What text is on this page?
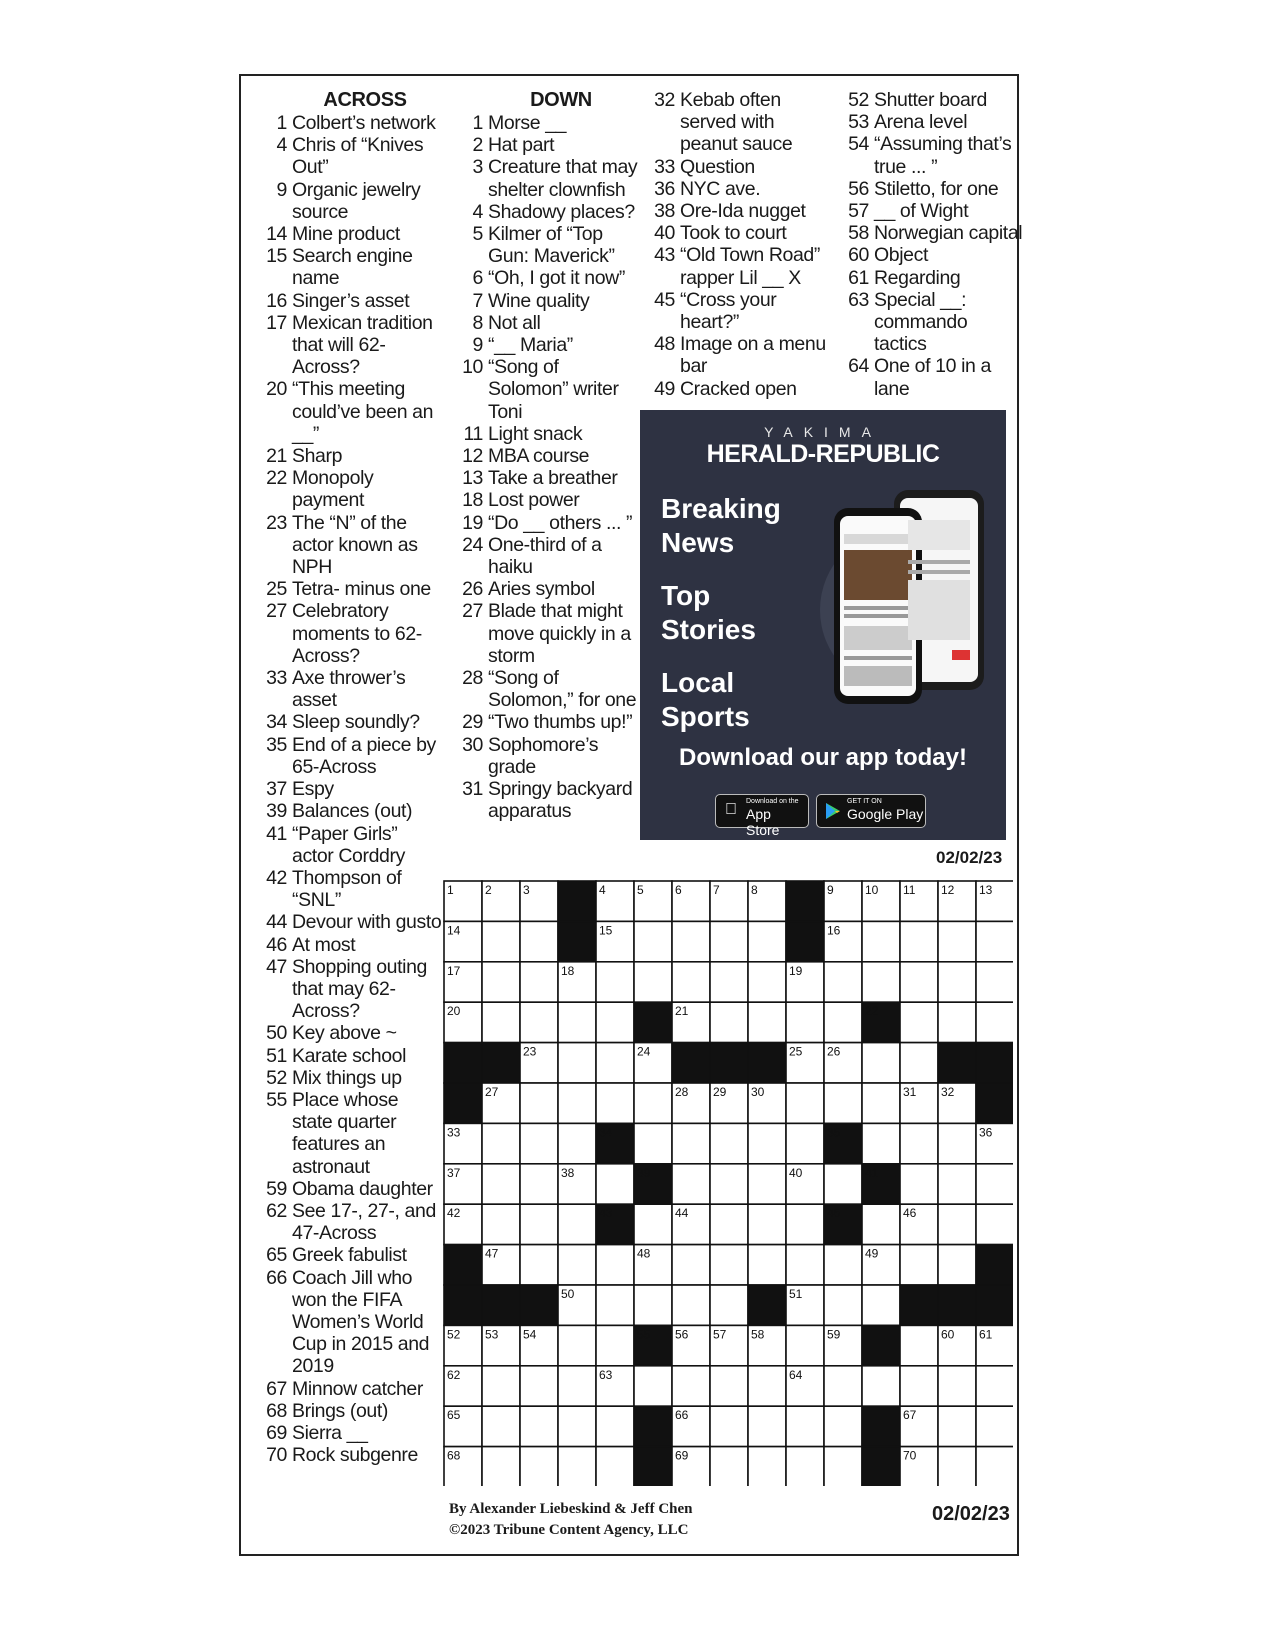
ACROSS
1 Colbert’s network
4 Chris of “Knives Out”
9 Organic jewelry source
14 Mine product
15 Search engine name
16 Singer’s asset
17 Mexican tradition that will 62-Across?
20 “This meeting could’ve been an __”
21 Sharp
22 Monopoly payment
23 The “N” of the actor known as NPH
25 Tetra- minus one
27 Celebratory moments to 62-Across?
33 Axe thrower’s asset
34 Sleep soundly?
35 End of a piece by 65-Across
37 Espy
39 Balances (out)
41 “Paper Girls” actor Corddry
42 Thompson of “SNL”
44 Devour with gusto
46 At most
47 Shopping outing that may 62-Across?
50 Key above ~
51 Karate school
52 Mix things up
55 Place whose state quarter features an astronaut
59 Obama daughter
62 See 17-, 27-, and 47-Across
65 Greek fabulist
66 Coach Jill who won the FIFA Women’s World Cup in 2015 and 2019
67 Minnow catcher
68 Brings (out)
69 Sierra __
70 Rock subgenre
DOWN
1 Morse __
2 Hat part
3 Creature that may shelter clownfish
4 Shadowy places?
5 Kilmer of “Top Gun: Maverick”
6 “Oh, I got it now”
7 Wine quality
8 Not all
9 “__ Maria”
10 “Song of Solomon” writer Toni
11 Light snack
12 MBA course
13 Take a breather
18 Lost power
19 “Do __ others ... ”
24 One-third of a haiku
26 Aries symbol
27 Blade that might move quickly in a storm
28 “Song of Solomon,” for one
29 “Two thumbs up!”
30 Sophomore’s grade
31 Springy backyard apparatus
32 Kebab often served with peanut sauce
33 Question
36 NYC ave.
38 Ore-Ida nugget
40 Took to court
43 “Old Town Road” rapper Lil __ X
45 “Cross your heart?”
48 Image on a menu bar
49 Cracked open
52 Shutter board
53 Arena level
54 “Assuming that’s true ... ”
56 Stiletto, for one
57 __ of Wight
58 Norwegian capital
60 Object
61 Regarding
63 Special __: commando tactics
64 One of 10 in a lane
YAKIMA
HERALD-REPUBLIC
Breaking News
Top Stories
Local Sports
Download our app today!
Download on the
App Store
GET IT ON
Google Play
02/02/23
1	2	3	4	5	6	7	8	9	10 11 12 13
14	15	16
17	18	19
20	21	22
23	24	25 26
27	28 29 30	31 32
33	34	35	36
37	38	39	40	41
42	43	44	45	46
47	48	49
50	51
52 53 54	55 56 57 58	59	60 61
62	63	64
65	66	67
68	69	70
By Alexander Liebeskind & Jeff Chen
©2023 Tribune Content Agency, LLC
02/02/23
